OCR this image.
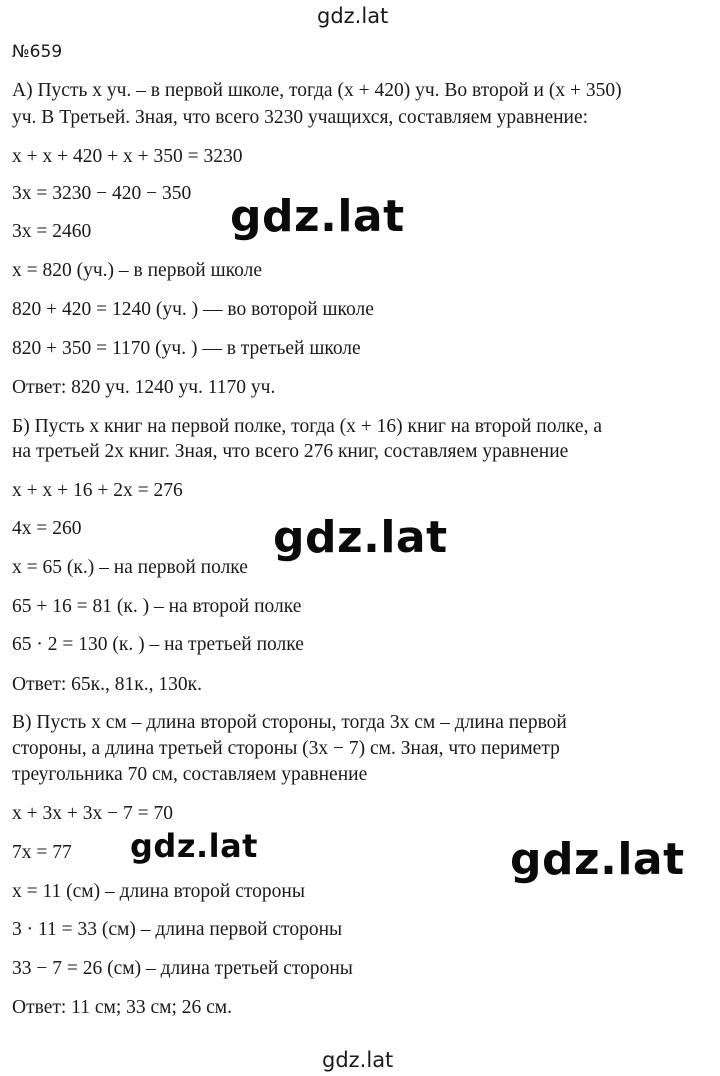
gdz.lat
№659
А) Пусть x уч. – в первой школе, тогда (x + 420) уч. Во второй и (x + 350)
уч. В Третьей. Зная, что всего 3230 учащихся, составляем уравнение:
x + x + 420 + x + 350 = 3230
3x = 3230 − 420 − 350
3x = 2460
x = 820 (уч.) – в первой школе
820 + 420 = 1240 (уч. ) — во воторой школе
820 + 350 = 1170 (уч. ) — в третьей школе
Ответ: 820 уч. 1240 уч. 1170 уч.
Б) Пусть x книг на первой полке, тогда (x + 16) книг на второй полке, а
на третьей 2x книг. Зная, что всего 276 книг, составляем уравнение
x + x + 16 + 2x = 276
4x = 260
x = 65 (к.) – на первой полке
65 + 16 = 81 (к. ) – на второй полке
65 · 2 = 130 (к. ) – на третьей полке
Ответ: 65к., 81к., 130к.
В) Пусть x см – длина второй стороны, тогда 3x см – длина первой
стороны, а длина третьей стороны (3x − 7) см. Зная, что периметр
треугольника 70 см, составляем уравнение
x + 3x + 3x − 7 = 70
7x = 77
x = 11 (см) – длина второй стороны
3 · 11 = 33 (см) – длина первой стороны
33 − 7 = 26 (см) – длина третьей стороны
Ответ: 11 см; 33 см; 26 см.
gdz.lat
gdz.lat
gdz.lat	gdz.lat
gdz.lat
